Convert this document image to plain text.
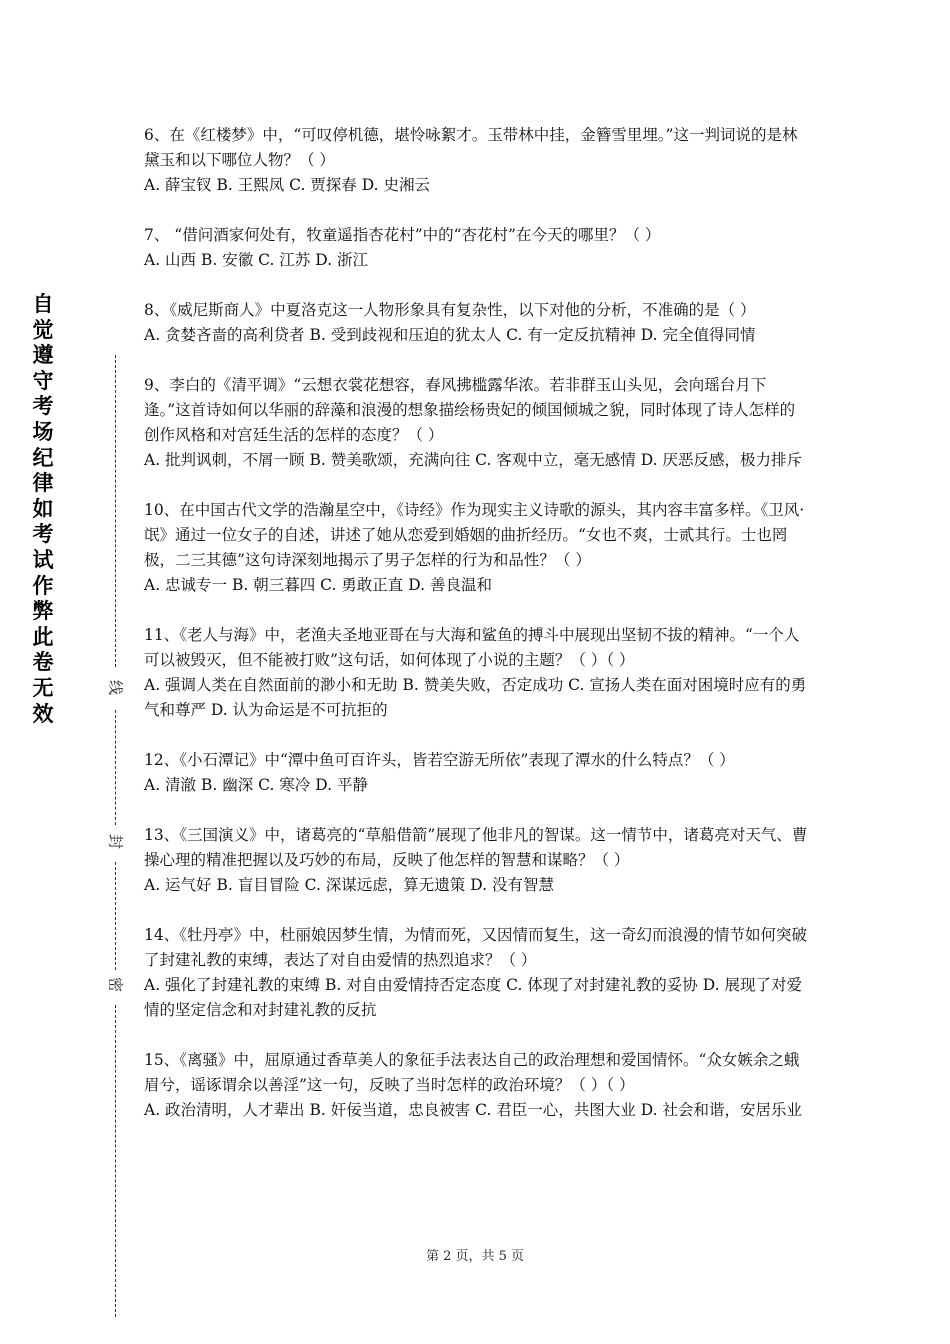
自觉遵守考场纪律如考试作弊此卷无效
线
封
密

6、在《红楼梦》中，“可叹停机德，堪怜咏絮才。玉带林中挂，金簪雪里埋。”这一判词说的是林黛玉和以下哪位人物？（ ）

A. 薛宝钗 B. 王熙凤 C. 贾探春 D. 史湘云

7、 “借问酒家何处有，牧童遥指杏花村”中的“杏花村”在今天的哪里？（ ）

A. 山西 B. 安徽 C. 江苏 D. 浙江

8、《威尼斯商人》中夏洛克这一人物形象具有复杂性，以下对他的分析，不准确的是（ ）

A. 贪婪吝啬的高利贷者 B. 受到歧视和压迫的犹太人 C. 有一定反抗精神 D. 完全值得同情

9、李白的《清平调》“云想衣裳花想容，春风拂槛露华浓。若非群玉山头见，会向瑶台月下逢。”这首诗如何以华丽的辞藻和浪漫的想象描绘杨贵妃的倾国倾城之貌，同时体现了诗人怎样的创作风格和对宫廷生活的怎样的态度？（ ）

A. 批判讽刺，不屑一顾 B. 赞美歌颂，充满向往 C. 客观中立，毫无感情 D. 厌恶反感，极力排斥

10、在中国古代文学的浩瀚星空中，《诗经》作为现实主义诗歌的源头，其内容丰富多样。《卫风·氓》通过一位女子的自述，讲述了她从恋爱到婚姻的曲折经历。“女也不爽，士贰其行。士也罔极，二三其德”这句诗深刻地揭示了男子怎样的行为和品性？（ ）

A. 忠诚专一 B. 朝三暮四 C. 勇敢正直 D. 善良温和

11、《老人与海》中，老渔夫圣地亚哥在与大海和鲨鱼的搏斗中展现出坚韧不拔的精神。“一个人可以被毁灭，但不能被打败”这句话，如何体现了小说的主题？（ ）（ ）

A. 强调人类在自然面前的渺小和无助 B. 赞美失败，否定成功 C. 宣扬人类在面对困境时应有的勇气和尊严 D. 认为命运是不可抗拒的

12、《小石潭记》中“潭中鱼可百许头，皆若空游无所依”表现了潭水的什么特点？（ ）

A. 清澈 B. 幽深 C. 寒冷 D. 平静

13、《三国演义》中，诸葛亮的“草船借箭”展现了他非凡的智谋。这一情节中，诸葛亮对天气、曹操心理的精准把握以及巧妙的布局，反映了他怎样的智慧和谋略？（ ）

A. 运气好 B. 盲目冒险 C. 深谋远虑，算无遗策 D. 没有智慧

14、《牡丹亭》中，杜丽娘因梦生情，为情而死，又因情而复生，这一奇幻而浪漫的情节如何突破了封建礼教的束缚，表达了对自由爱情的热烈追求？（ ）

A. 强化了封建礼教的束缚 B. 对自由爱情持否定态度 C. 体现了对封建礼教的妥协 D. 展现了对爱情的坚定信念和对封建礼教的反抗

15、《离骚》中，屈原通过香草美人的象征手法表达自己的政治理想和爱国情怀。“众女嫉余之蛾眉兮，谣诼谓余以善淫”这一句，反映了当时怎样的政治环境？（ ）（ ）

A. 政治清明，人才辈出 B. 奸佞当道，忠良被害 C. 君臣一心，共图大业 D. 社会和谐，安居乐业

第 2 页，共 5 页
